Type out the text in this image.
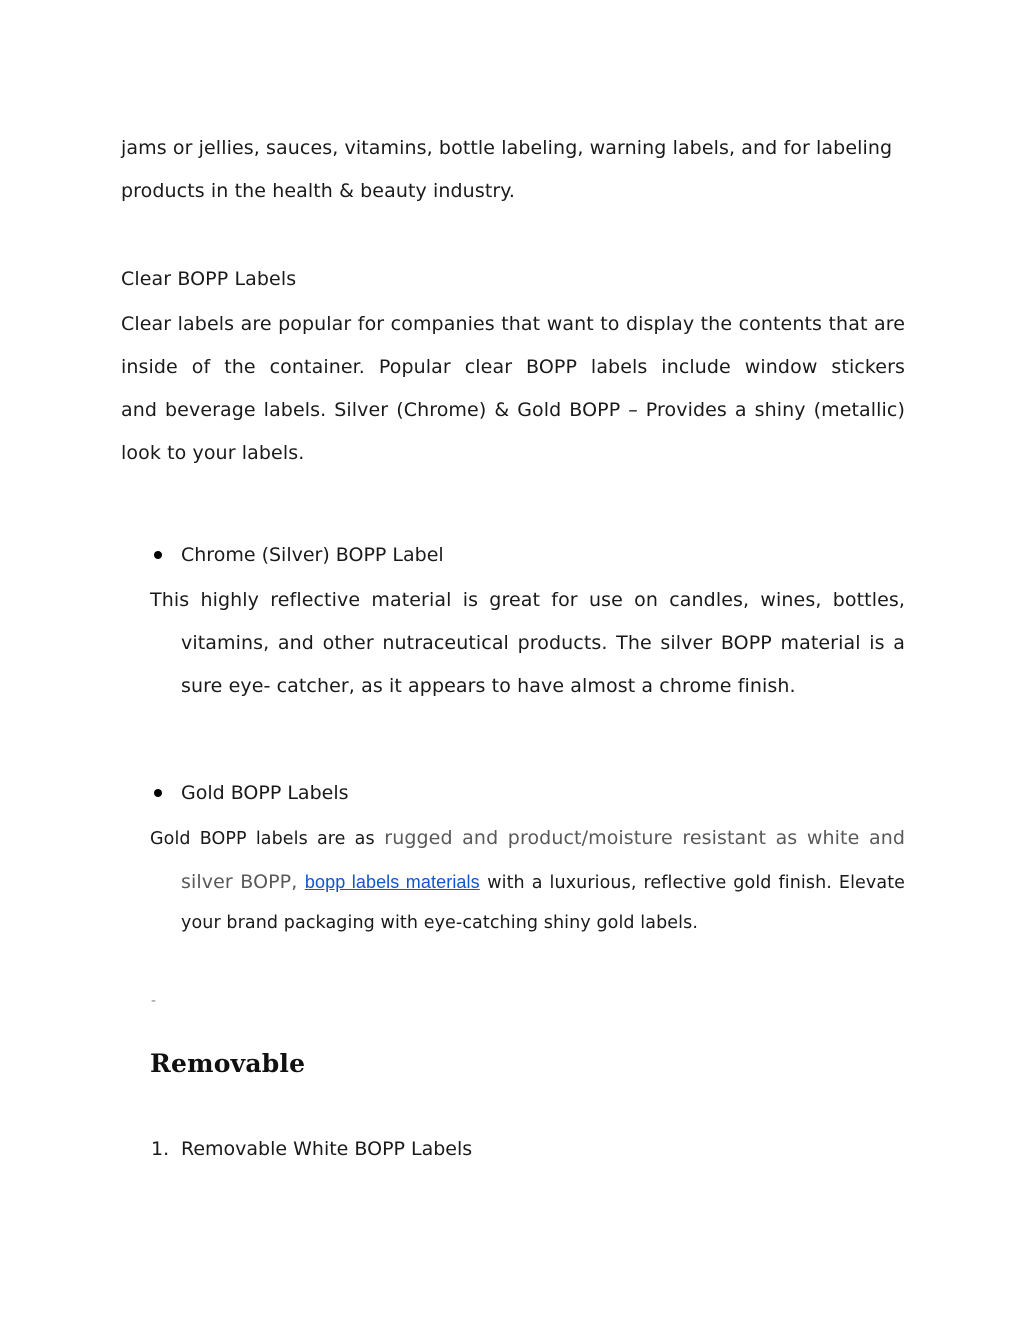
jams or jellies, sauces, vitamins, bottle labeling, warning labels, and for labeling
products in the health & beauty industry.
Clear BOPP Labels
Clear labels are popular for companies that want to display the contents that are
inside of the container. Popular clear BOPP labels include window stickers
and beverage labels. Silver (Chrome) & Gold BOPP – Provides a shiny (metallic)
look to your labels.
Chrome (Silver) BOPP Label
This highly reflective material is great for use on candles, wines, bottles,
vitamins, and other nutraceutical products. The silver BOPP material is a
sure eye- catcher, as it appears to have almost a chrome finish.
Gold BOPP Labels
Gold BOPP labels are as rugged and product/moisture resistant as white and
silver BOPP, bopp labels materials with a luxurious, reflective gold finish. Elevate
your brand packaging with eye-catching shiny gold labels.
-
Removable
1. Removable White BOPP Labels
